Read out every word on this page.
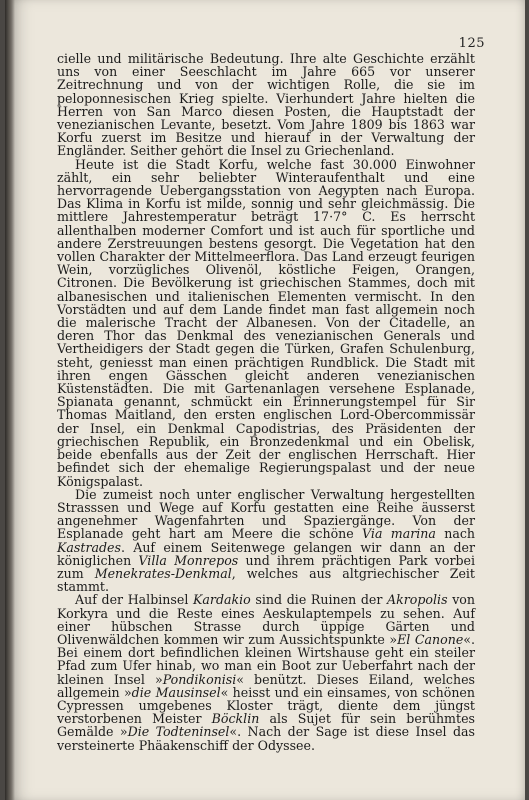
125

cielle und militärische Bedeutung. Ihre alte Geschichte erzählt uns von einer Seeschlacht im Jahre 665 vor unserer Zeitrechnung und von der wichtigen Rolle, die sie im peloponnesischen Krieg spielte. Vierhundert Jahre hielten die Herren von San Marco diesen Posten, die Hauptstadt der venezianischen Levante, besetzt. Vom Jahre 1809 bis 1863 war Korfu zuerst im Besitze und hierauf in der Verwaltung der Engländer. Seither gehört die Insel zu Griechenland.

Heute ist die Stadt Korfu, welche fast 30.000 Einwohner zählt, ein sehr beliebter Winteraufenthalt und eine hervorragende Uebergangsstation von Aegypten nach Europa. Das Klima in Korfu ist milde, sonnig und sehr gleichmässig. Die mittlere Jahrestemperatur beträgt 17·7° C. Es herrscht allenthalben moderner Comfort und ist auch für sportliche und andere Zerstreuungen bestens gesorgt. Die Vegetation hat den vollen Charakter der Mittelmeerflora. Das Land erzeugt feurigen Wein, vorzügliches Olivenöl, köstliche Feigen, Orangen, Citronen. Die Bevölkerung ist griechischen Stammes, doch mit albanesischen und italienischen Elementen vermischt. In den Vorstädten und auf dem Lande findet man fast allgemein noch die malerische Tracht der Albanesen. Von der Citadelle, an deren Thor das Denkmal des venezianischen Generals und Vertheidigers der Stadt gegen die Türken, Grafen Schulenburg, steht, geniesst man einen prächtigen Rundblick. Die Stadt mit ihren engen Gässchen gleicht anderen venezianischen Küstenstädten. Die mit Gartenanlagen versehene Esplanade, Spianata genannt, schmückt ein Erinnerungstempel für Sir Thomas Maitland, den ersten englischen Lord-Obercommissär der Insel, ein Denkmal Capodistrias, des Präsidenten der griechischen Republik, ein Bronzedenkmal und ein Obelisk, beide ebenfalls aus der Zeit der englischen Herrschaft. Hier befindet sich der ehemalige Regierungspalast und der neue Königspalast.

Die zumeist noch unter englischer Verwaltung hergestellten Strasssen und Wege auf Korfu gestatten eine Reihe äusserst angenehmer Wagenfahrten und Spaziergänge. Von der Esplanade geht hart am Meere die schöne Via marina nach Kastrades. Auf einem Seitenwege gelangen wir dann an der königlichen Villa Monrepos und ihrem prächtigen Park vorbei zum Menekrates-Denkmal, welches aus altgriechischer Zeit stammt.

Auf der Halbinsel Kardakio sind die Ruinen der Akropolis von Korkyra und die Reste eines Aeskulaptempels zu sehen. Auf einer hübschen Strasse durch üppige Gärten und Olivenwäldchen kommen wir zum Aussichtspunkte »El Canone«. Bei einem dort befindlichen kleinen Wirtshause geht ein steiler Pfad zum Ufer hinab, wo man ein Boot zur Ueberfahrt nach der kleinen Insel »Pondikonisi« benützt. Dieses Eiland, welches allgemein »die Mausinsel« heisst und ein einsames, von schönen Cypressen umgebenes Kloster trägt, diente dem jüngst verstorbenen Meister Böcklin als Sujet für sein berühmtes Gemälde »Die Todteninsel«. Nach der Sage ist diese Insel das versteinerte Phäakenschiff der Odyssee.
